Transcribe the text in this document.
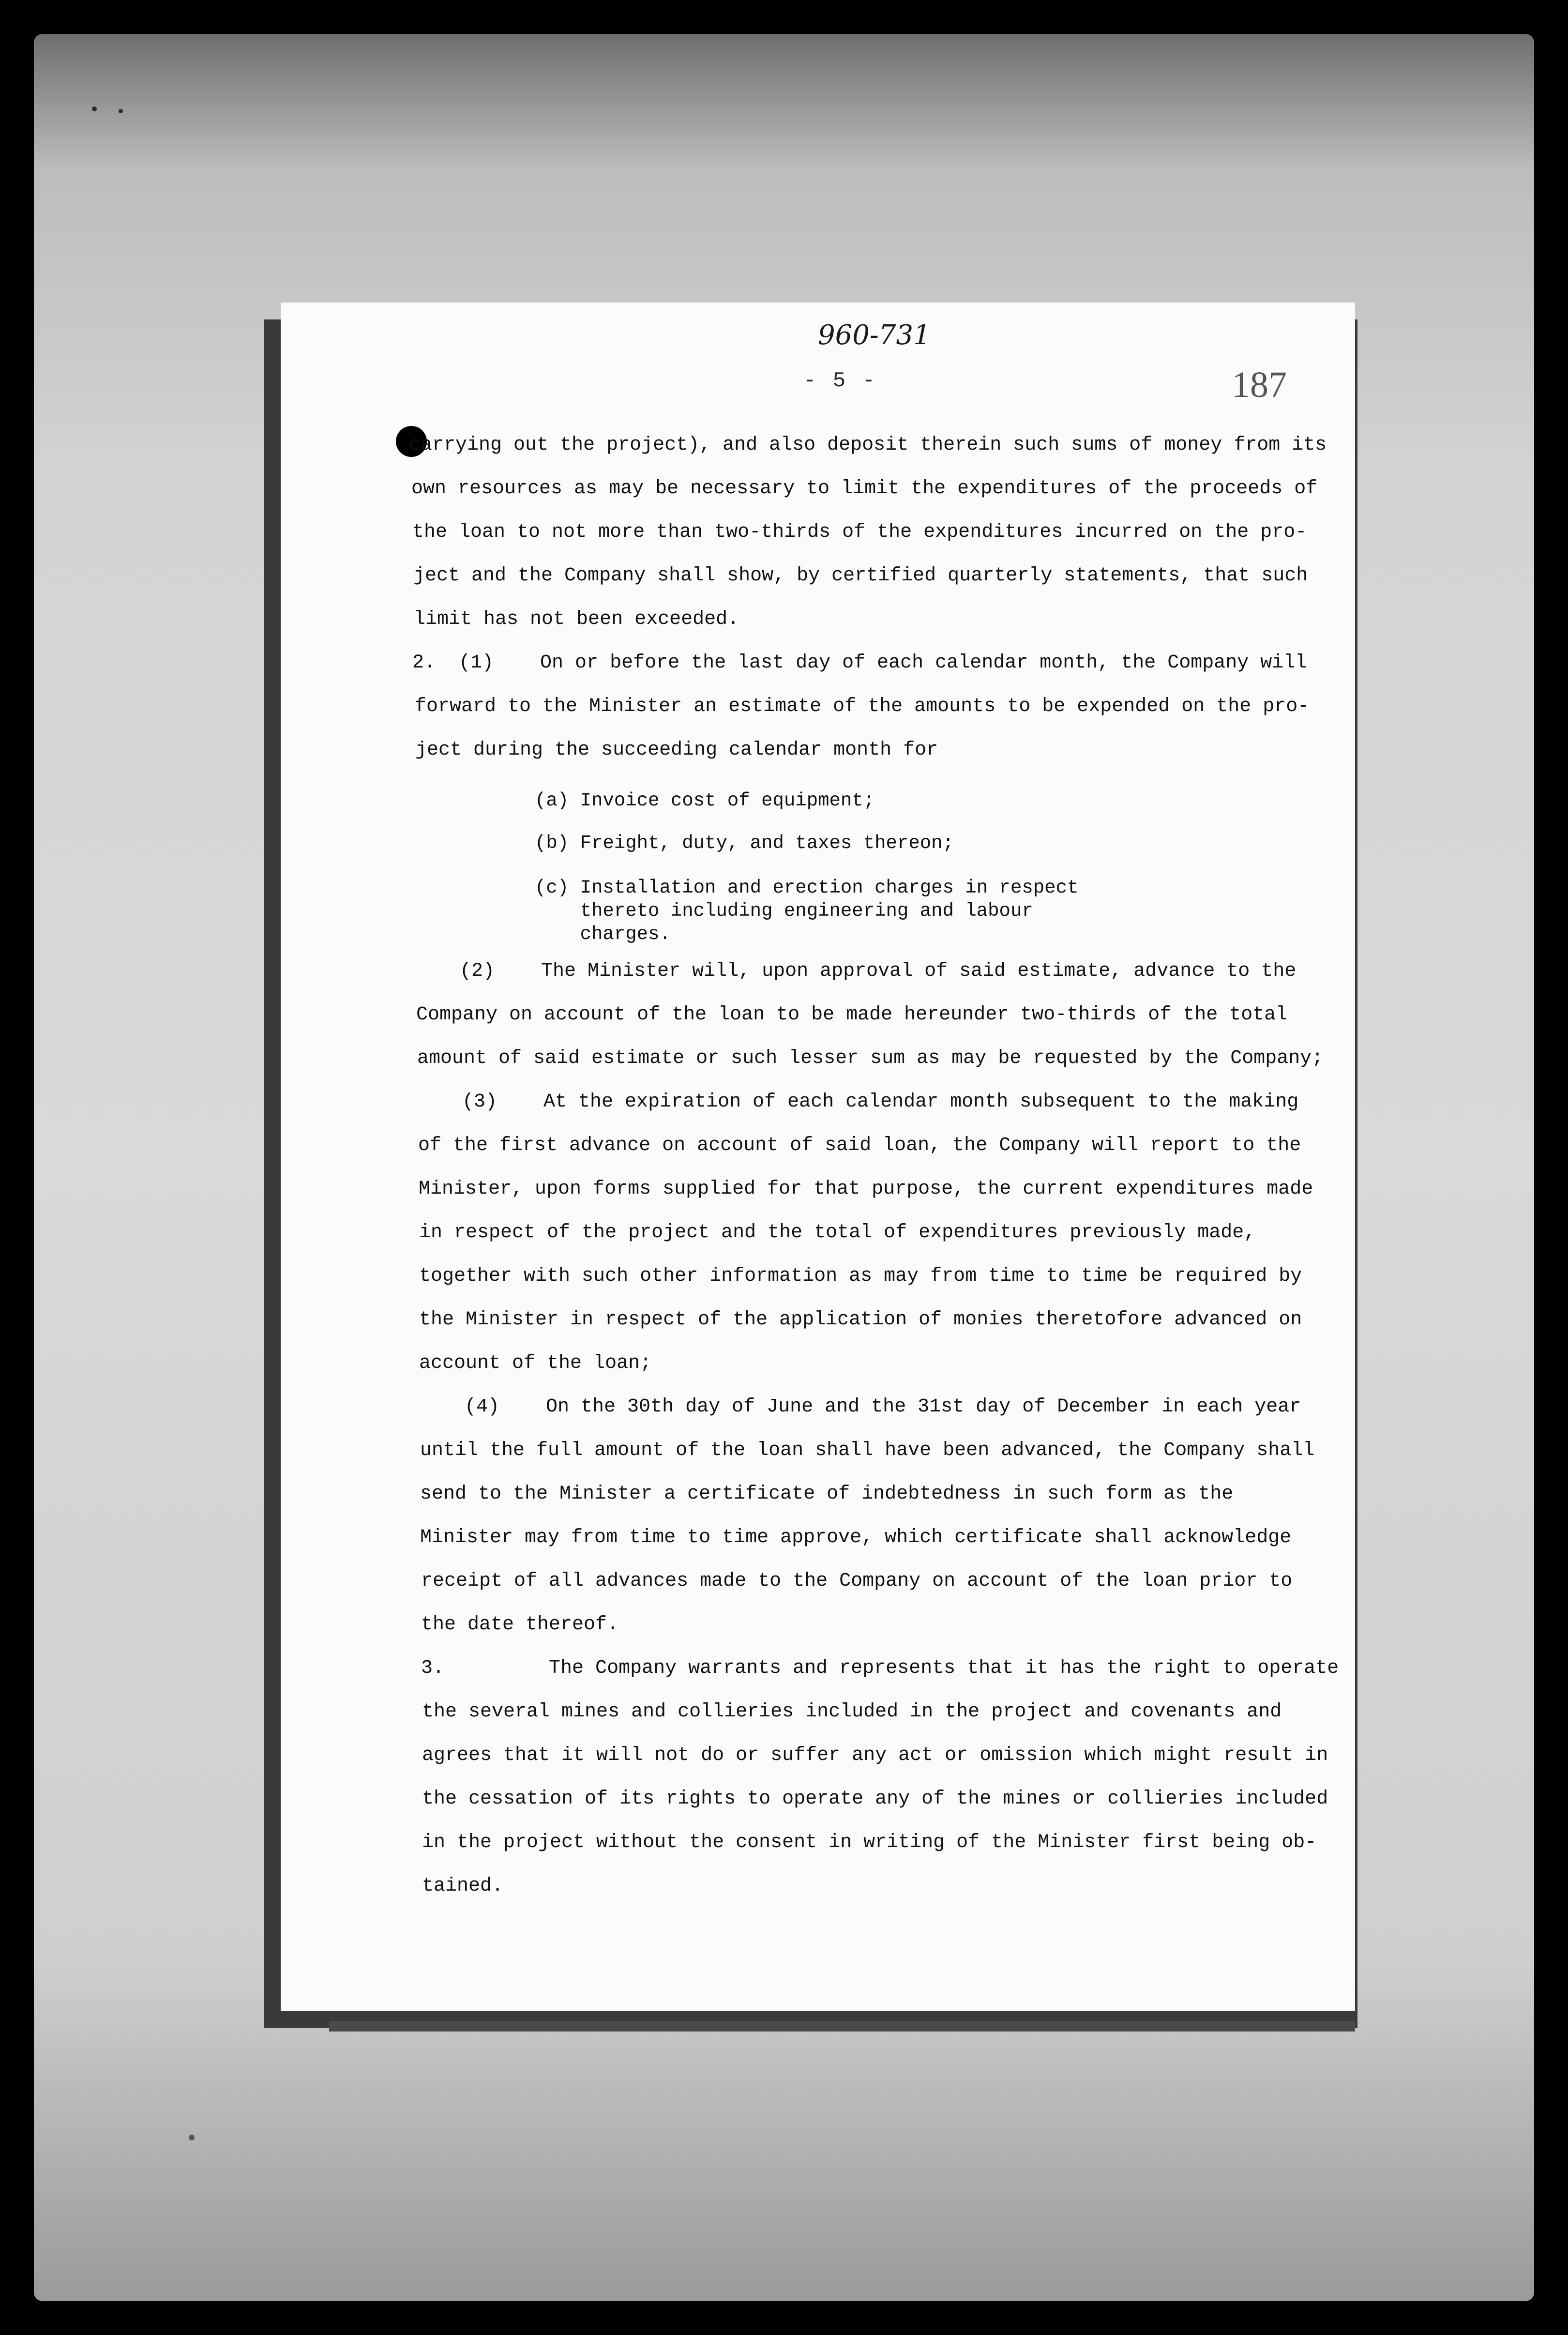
960-731
- 5 -	187
carrying out the project), and also deposit therein such sums of money from its
own resources as may be necessary to limit the expenditures of the proceeds of
the loan to not more than two-thirds of the expenditures incurred on the pro-
ject and the Company shall show, by certified quarterly statements, that such
limit has not been exceeded.
2.  (1)    On or before the last day of each calendar month, the Company will
forward to the Minister an estimate of the amounts to be expended on the pro-
ject during the succeeding calendar month for
(a) Invoice cost of equipment;
(b) Freight, duty, and taxes thereon;
(c) Installation and erection charges in respect
thereto including engineering and labour
charges.
(2)    The Minister will, upon approval of said estimate, advance to the
Company on account of the loan to be made hereunder two-thirds of the total
amount of said estimate or such lesser sum as may be requested by the Company;
(3)    At the expiration of each calendar month subsequent to the making
of the first advance on account of said loan, the Company will report to the
Minister, upon forms supplied for that purpose, the current expenditures made
in respect of the project and the total of expenditures previously made,
together with such other information as may from time to time be required by
the Minister in respect of the application of monies theretofore advanced on
account of the loan;
(4)    On the 30th day of June and the 31st day of December in each year
until the full amount of the loan shall have been advanced, the Company shall
send to the Minister a certificate of indebtedness in such form as the
Minister may from time to time approve, which certificate shall acknowledge
receipt of all advances made to the Company on account of the loan prior to
the date thereof.
3.         The Company warrants and represents that it has the right to operate
the several mines and collieries included in the project and covenants and
agrees that it will not do or suffer any act or omission which might result in
the cessation of its rights to operate any of the mines or collieries included
in the project without the consent in writing of the Minister first being ob-
tained.
